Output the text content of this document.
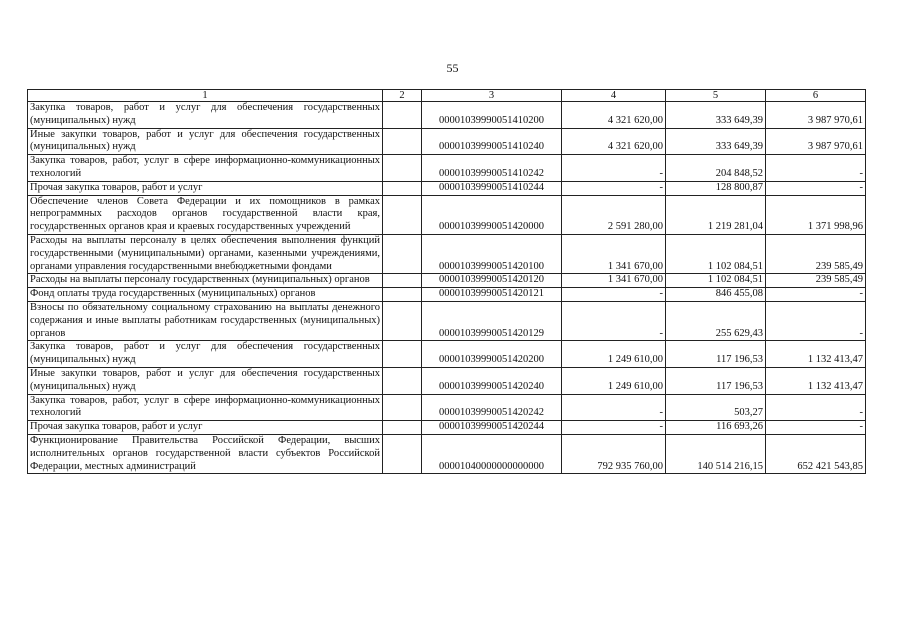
55
1	2	3	4	5	6
Закупка товаров, работ и услуг для обеспечения государственных (муниципальных) нужд		00001039990051410200	4 321 620,00	333 649,39	3 987 970,61
Иные закупки товаров, работ и услуг для обеспечения государственных (муниципальных) нужд		00001039990051410240	4 321 620,00	333 649,39	3 987 970,61
Закупка товаров, работ, услуг в сфере информационно-коммуникационных технологий		00001039990051410242	-	204 848,52	-
Прочая закупка товаров, работ и услуг		00001039990051410244	-	128 800,87	-
Обеспечение членов Совета Федерации и их помощников в рамках непрограммных расходов органов государственной власти края, государственных органов края и краевых государственных учреждений		00001039990051420000	2 591 280,00	1 219 281,04	1 371 998,96
Расходы на выплаты персоналу в целях обеспечения выполнения функций государственными (муниципальными) органами, казенными учреждениями, органами управления государственными внебюджетными фондами		00001039990051420100	1 341 670,00	1 102 084,51	239 585,49
Расходы на выплаты персоналу государственных (муниципальных) органов		00001039990051420120	1 341 670,00	1 102 084,51	239 585,49
Фонд оплаты труда государственных (муниципальных) органов		00001039990051420121	-	846 455,08	-
Взносы по обязательному социальному страхованию на выплаты денежного содержания и иные выплаты работникам государственных (муниципальных) органов		00001039990051420129	-	255 629,43	-
Закупка товаров, работ и услуг для обеспечения государственных (муниципальных) нужд		00001039990051420200	1 249 610,00	117 196,53	1 132 413,47
Иные закупки товаров, работ и услуг для обеспечения государственных (муниципальных) нужд		00001039990051420240	1 249 610,00	117 196,53	1 132 413,47
Закупка товаров, работ, услуг в сфере информационно-коммуникационных технологий		00001039990051420242	-	503,27	-
Прочая закупка товаров, работ и услуг		00001039990051420244	-	116 693,26	-
Функционирование Правительства Российской Федерации, высших исполнительных органов государственной власти субъектов Российской Федерации, местных администраций		00001040000000000000	792 935 760,00	140 514 216,15	652 421 543,85
